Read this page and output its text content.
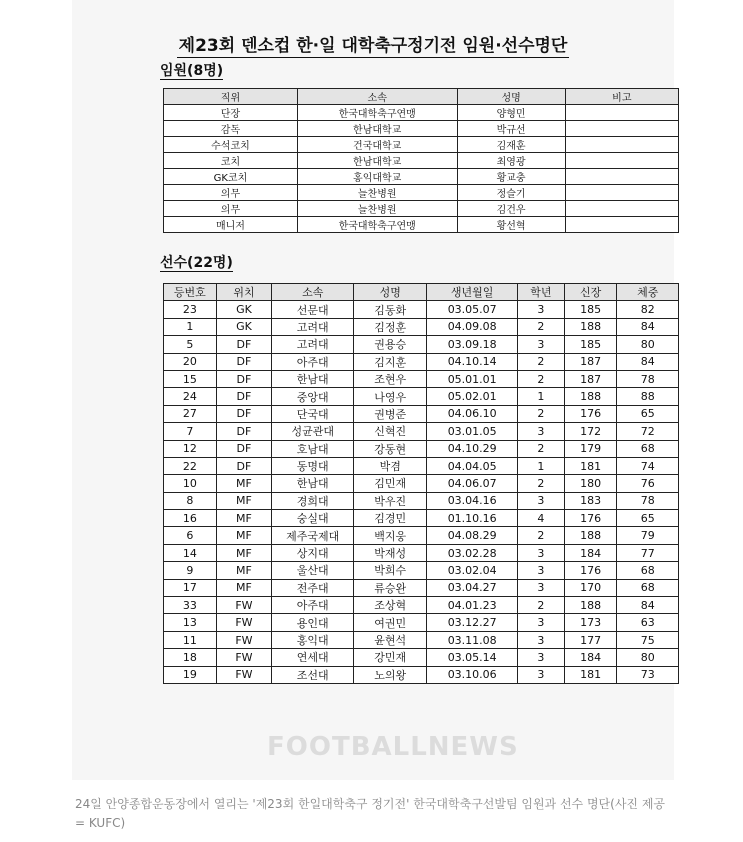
제23회 덴소컵 한·일 대학축구정기전 임원·선수명단
임원(8명)
직위	소속	성명	비고
단장	한국대학축구연맹	양형민	
감독	한남대학교	박규선	
수석코치	건국대학교	김재훈	
코치	한남대학교	최영광	
GK코치	홍익대학교	황교충	
의무	늘찬병원	정슬기	
의무	늘찬병원	김건우	
매니저	한국대학축구연맹	황선혁	
선수(22명)
등번호	위치	소속	성명	생년월일	학년	신장	체중
23	GK	선문대	김동화	03.05.07	3	185	82
1	GK	고려대	김정훈	04.09.08	2	188	84
5	DF	고려대	권용승	03.09.18	3	185	80
20	DF	아주대	김지훈	04.10.14	2	187	84
15	DF	한남대	조현우	05.01.01	2	187	78
24	DF	중앙대	나영우	05.02.01	1	188	88
27	DF	단국대	권병준	04.06.10	2	176	65
7	DF	성균관대	신혁진	03.01.05	3	172	72
12	DF	호남대	강동현	04.10.29	2	179	68
22	DF	동명대	박겸	04.04.05	1	181	74
10	MF	한남대	김민재	04.06.07	2	180	76
8	MF	경희대	박우진	03.04.16	3	183	78
16	MF	숭실대	김경민	01.10.16	4	176	65
6	MF	제주국제대	백지웅	04.08.29	2	188	79
14	MF	상지대	박재성	03.02.28	3	184	77
9	MF	울산대	박희수	03.02.04	3	176	68
17	MF	전주대	류승완	03.04.27	3	170	68
33	FW	아주대	조상혁	04.01.23	2	188	84
13	FW	용인대	여권민	03.12.27	3	173	63
11	FW	홍익대	윤현석	03.11.08	3	177	75
18	FW	연세대	강민재	03.05.14	3	184	80
19	FW	조선대	노의왕	03.10.06	3	181	73
FOOTBALLNEWS
24일 안양종합운동장에서 열리는 '제23회 한일대학축구 정기전' 한국대학축구선발팀 임원과 선수 명단(사진 제공 = KUFC)
